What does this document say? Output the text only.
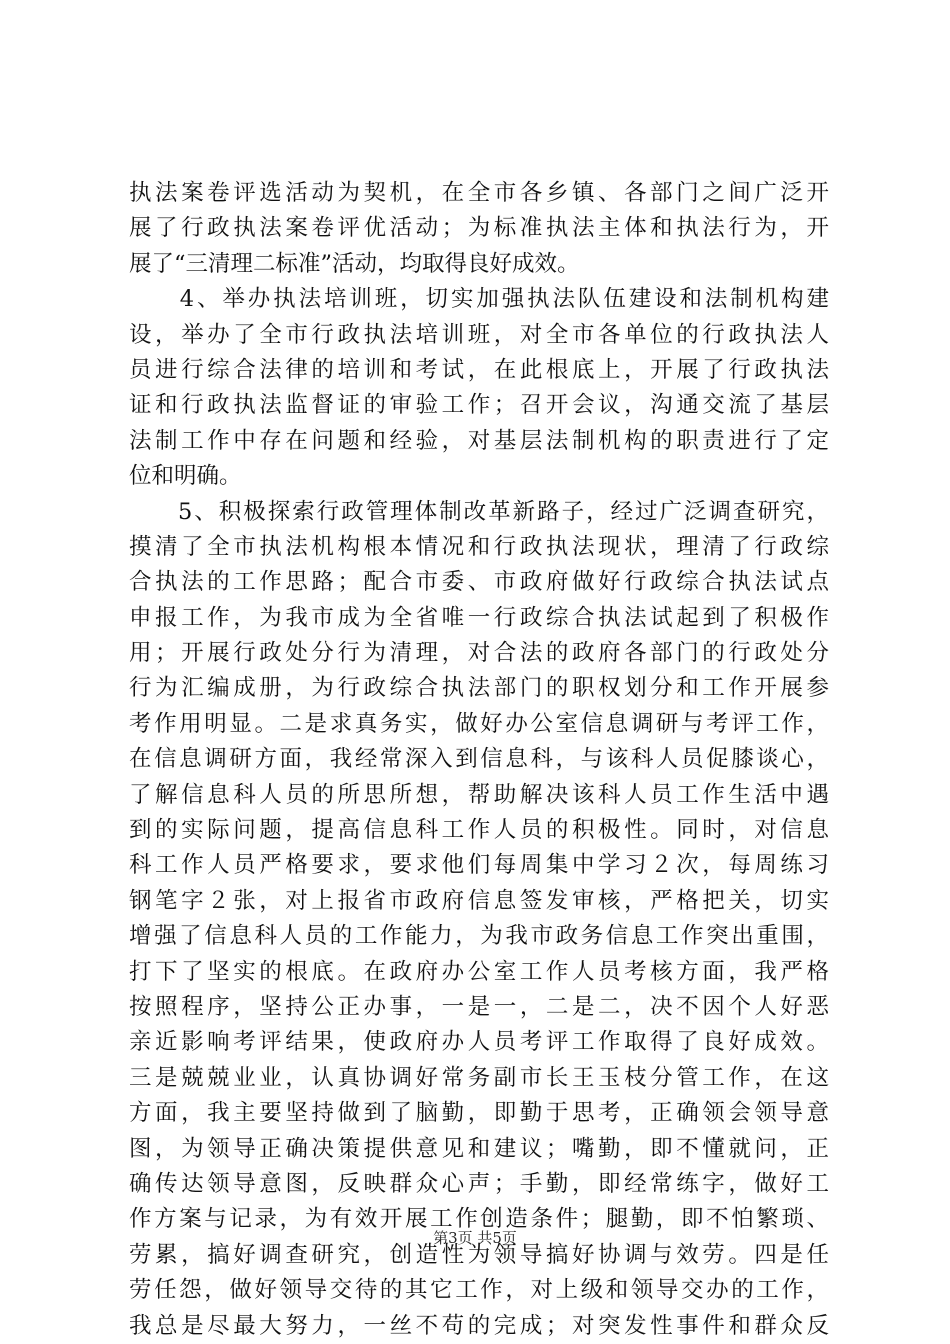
执法案卷评选活动为契机，在全市各乡镇、各部门之间广泛开
展了行政执法案卷评优活动；为标准执法主体和执法行为，开
展了“三清理二标准”活动，均取得良好成效。
　　4、举办执法培训班，切实加强执法队伍建设和法制机构建
设，举办了全市行政执法培训班，对全市各单位的行政执法人
员进行综合法律的培训和考试，在此根底上，开展了行政执法
证和行政执法监督证的审验工作；召开会议，沟通交流了基层
法制工作中存在问题和经验，对基层法制机构的职责进行了定
位和明确。
　　5、积极探索行政管理体制改革新路子，经过广泛调查研究，
摸清了全市执法机构根本情况和行政执法现状，理清了行政综
合执法的工作思路；配合市委、市政府做好行政综合执法试点
申报工作，为我市成为全省唯一行政综合执法试起到了积极作
用；开展行政处分行为清理，对合法的政府各部门的行政处分
行为汇编成册，为行政综合执法部门的职权划分和工作开展参
考作用明显。二是求真务实，做好办公室信息调研与考评工作，
在信息调研方面，我经常深入到信息科，与该科人员促膝谈心，
了解信息科人员的所思所想，帮助解决该科人员工作生活中遇
到的实际问题，提高信息科工作人员的积极性。同时，对信息
科工作人员严格要求，要求他们每周集中学习２次，每周练习
钢笔字２张，对上报省市政府信息签发审核，严格把关，切实
增强了信息科人员的工作能力，为我市政务信息工作突出重围，
打下了坚实的根底。在政府办公室工作人员考核方面，我严格
按照程序，坚持公正办事，一是一，二是二，决不因个人好恶
亲近影响考评结果，使政府办人员考评工作取得了良好成效。
三是兢兢业业，认真协调好常务副市长王玉枝分管工作，在这
方面，我主要坚持做到了脑勤，即勤于思考，正确领会领导意
图，为领导正确决策提供意见和建议；嘴勤，即不懂就问，正
确传达领导意图，反映群众心声；手勤，即经常练字，做好工
作方案与记录，为有效开展工作创造条件；腿勤，即不怕繁琐、
劳累，搞好调查研究，创造性为领导搞好协调与效劳。四是任
劳任怨，做好领导交待的其它工作，对上级和领导交办的工作，
我总是尽最大努力，一丝不苟的完成；对突发性事件和群众反
第3页 共5页
